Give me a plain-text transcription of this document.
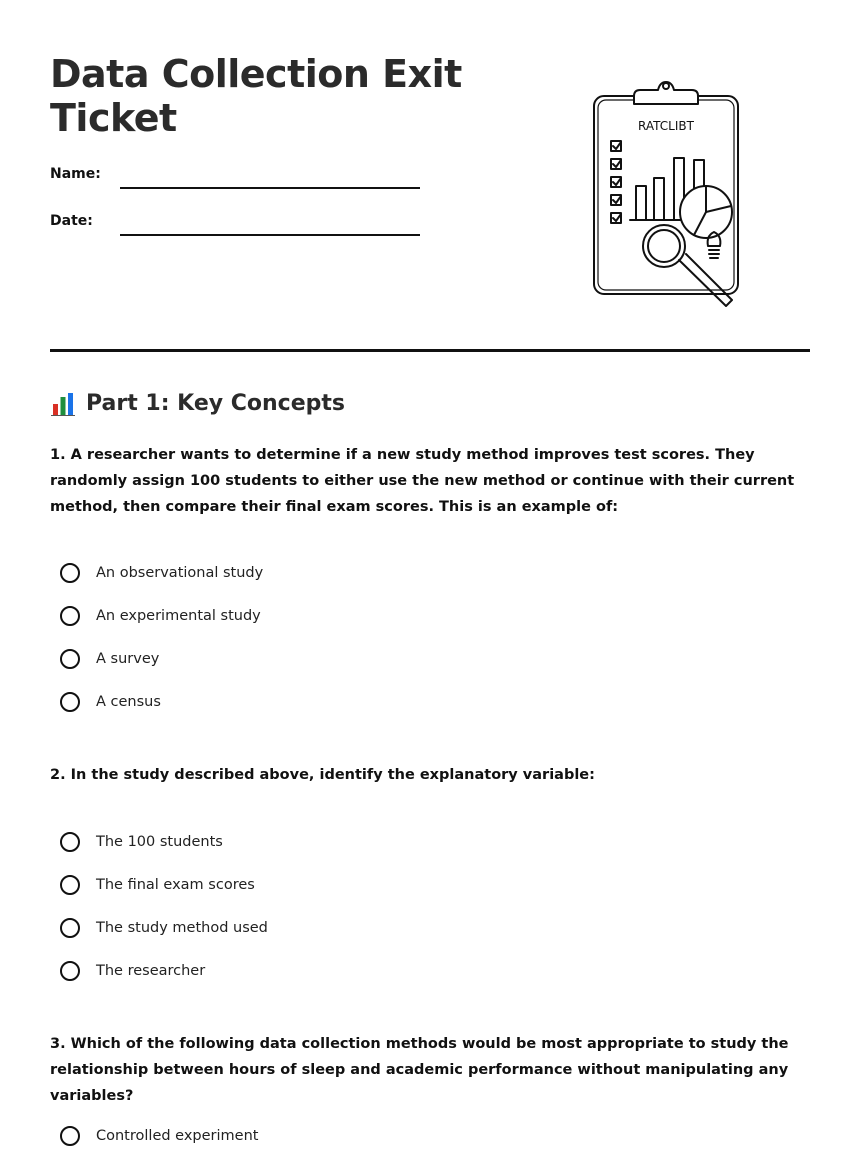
Data Collection Exit Ticket
Name:
Date:
RATCLIBT
Part 1: Key Concepts

1. A researcher wants to determine if a new study method improves test scores. They randomly assign 100 students to either use the new method or continue with their current method, then compare their final exam scores. This is an example of:

An observational study
An experimental study
A survey
A census

2. In the study described above, identify the explanatory variable:

The 100 students
The final exam scores
The study method used
The researcher

3. Which of the following data collection methods would be most appropriate to study the relationship between hours of sleep and academic performance without manipulating any variables?

Controlled experiment
